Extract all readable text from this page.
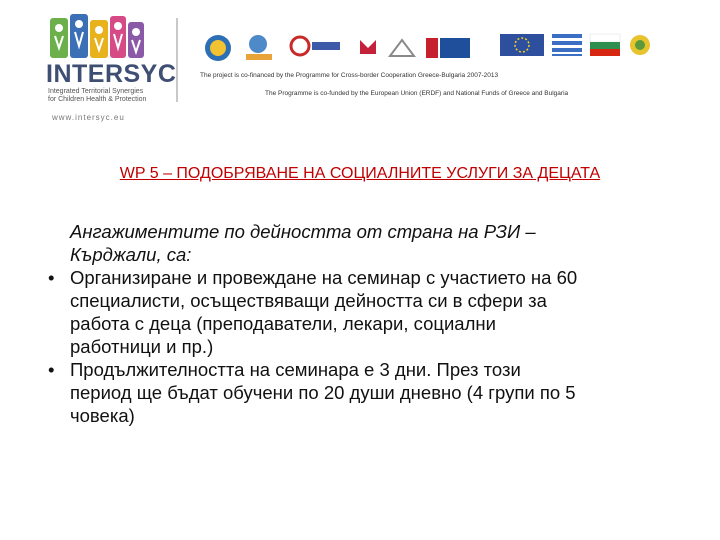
INTERSYC
Integrated Territorial Synergies for Children Health & Protection
www.intersyc.eu
The project is co-financed by the Programme for Cross-border Cooperation Greece-Bulgaria 2007-2013
The Programme is co-funded by the European Union (ERDF) and National Funds of Greece and Bulgaria
WP 5 – ПОДОБРЯВАНЕ НА СОЦИАЛНИТЕ УСЛУГИ ЗА ДЕЦАТА

Ангажиментите по дейността от страна на РЗИ –
Кърджали, са:

• Организиране и провеждане на семинар с участието на 60
специалисти, осъществяващи дейността си в сфери за
работа с деца (преподаватели, лекари, социални
работници и пр.)

• Продължителността на семинара е 3 дни. През този
период ще бъдат обучени по 20 души дневно (4 групи по 5
човека)
